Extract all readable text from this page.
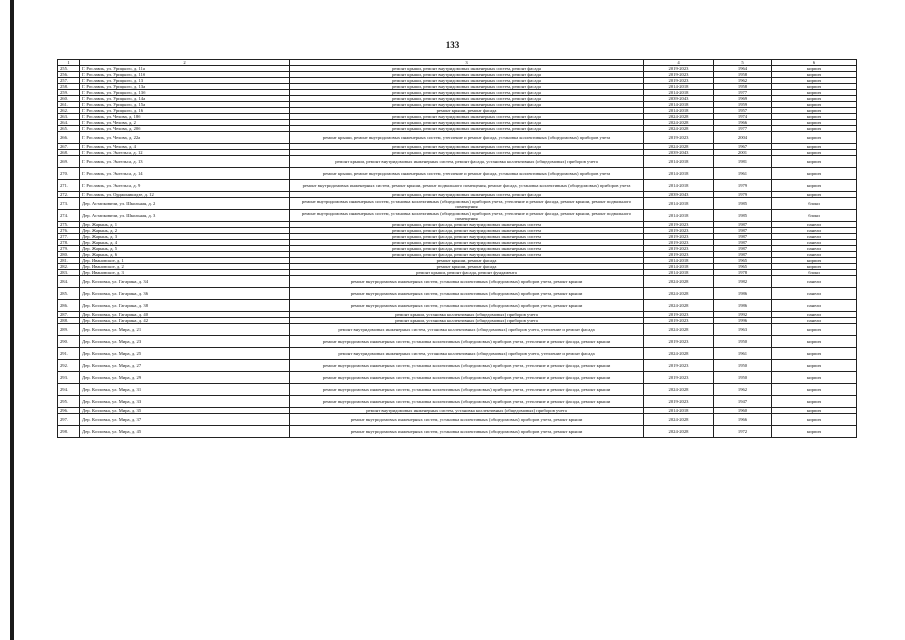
133
1	2	3	4	5	6
255.	Г. Рославль, ул. Урицкого, д. 11а	ремонт крыши, ремонт внутридомовых инженерных систем, ремонт фасада	2019-2023	1964	кирпич
256.	Г. Рославль, ул. Урицкого, д. 11б	ремонт крыши, ремонт внутридомовых инженерных систем, ремонт фасада	2019-2023	1958	кирпич
257.	Г. Рославль, ул. Урицкого, д. 13	ремонт крыши, ремонт внутридомовых инженерных систем, ремонт фасада	2019-2023	1962	кирпич
258.	Г. Рославль, ул. Урицкого, д. 13а	ремонт крыши, ремонт внутридомовых инженерных систем, ремонт фасада	2014-2018	1958	кирпич
259.	Г. Рославль, ул. Урицкого, д. 13б	ремонт крыши, ремонт внутридомовых инженерных систем, ремонт фасада	2014-2018	1977	кирпич
260.	Г. Рославль, ул. Урицкого, д. 14а	ремонт крыши, ремонт внутридомовых инженерных систем, ремонт фасада	2039-2043	1969	кирпич
261.	Г. Рославль, ул. Урицкого, д. 15а	ремонт крыши, ремонт внутридомовых инженерных систем, ремонт фасада	2014-2018	1959	кирпич
262.	Г. Рославль, ул. Урицкого, д. 16	ремонт крыши, ремонт фасада	2014-2018	1957	кирпич
263.	Г. Рославль, ул. Чехова, д. 18б	ремонт крыши, ремонт внутридомовых инженерных систем, ремонт фасада	2024-2028	1974	кирпич
264.	Г. Рославль, ул. Чехова, д. 2	ремонт крыши, ремонт внутридомовых инженерных систем, ремонт фасада	2024-2028	1966	кирпич
265.	Г. Рославль, ул. Чехова, д. 20б	ремонт крыши, ремонт внутридомовых инженерных систем, ремонт фасада	2024-2028	1977	кирпич
266.	Г. Рославль, ул. Чехова, д. 22а	ремонт крыши, ремонт внутридомовых инженерных систем, утепление и ремонт фасада, установка коллективных (общедомовых) приборов учета	2019-2023	2004	кирпич
267.	Г. Рославль, ул. Чехова, д. 4	ремонт крыши, ремонт внутридомовых инженерных систем, ремонт фасада	2024-2028	1967	кирпич
268.	Г. Рославль, ул. Энгельса, д. 12	ремонт крыши, ремонт внутридомовых инженерных систем, ремонт фасада	2039-2043	2001	кирпич
269.	Г. Рославль, ул. Энгельса, д. 13	ремонт крыши, ремонт внутридомовых инженерных систем, ремонт фасада, установка коллективных (общедомовых) приборов учета	2014-2018	1981	кирпич
270.	Г. Рославль, ул. Энгельса, д. 14	ремонт крыши, ремонт внутридомовых инженерных систем, утепление и ремонт фасада, установка коллективных (общедомовых) приборов учета	2014-2018	1961	кирпич
271.	Г. Рославль, ул. Энгельса, д. 9	ремонт внутридомовых инженерных систем, ремонт крыши, ремонт подвального помещения, ремонт фасада, установка коллективных (общедомовых) приборов учета	2014-2018	1979	кирпич
272.	Г. Рославль, ул. Орджоникидзе, д. 12	ремонт крыши, ремонт внутридомовых инженерных систем, ремонт фасада	2039-2043	1979	кирпич
273.	Дер. Астапковичи, ул. Школьная, д. 2	ремонт внутридомовых инженерных систем, установка коллективных (общедомовых) приборов учета, утепление и ремонт фасада, ремонт крыши, ремонт подвального помещения	2014-2018	1985	блоки
274.	Дер. Астапковичи, ул. Школьная, д. 3	ремонт внутридомовых инженерных систем, установка коллективных (общедомовых) приборов учета, утепление и ремонт фасада, ремонт крыши, ремонт подвального помещения	2014-2018	1985	блоки
275.	Дер. Жарынь, д. 1	ремонт крыши, ремонт фасада, ремонт внутридомовых инженерных систем	2019-2023	1987	панели
276.	Дер. Жарынь, д. 2	ремонт крыши, ремонт фасада, ремонт внутридомовых инженерных систем	2019-2023	1987	панели
277.	Дер. Жарынь, д. 3	ремонт крыши, ремонт фасада, ремонт внутридомовых инженерных систем	2019-2023	1987	панели
278.	Дер. Жарынь, д. 4	ремонт крыши, ремонт фасада, ремонт внутридомовых инженерных систем	2019-2023	1987	панели
279.	Дер. Жарынь, д. 5	ремонт крыши, ремонт фасада, ремонт внутридомовых инженерных систем	2019-2023	1987	панели
280.	Дер. Жарынь, д. 6	ремонт крыши, ремонт фасада, ремонт внутридомовых инженерных систем	2019-2023	1987	панели
281.	Дер. Ивановское, д. 1	ремонт крыши, ремонт фасада	2014-2018	1965	кирпич
282.	Дер. Ивановское, д. 2	ремонт крыши, ремонт фасада	2014-2018	1965	кирпич
283.	Дер. Ивановское, д. 3	ремонт крыши, ремонт фасада, ремонт фундамента	2014-2018	1978	блоки
284.	Дер. Козловка, ул. Гагарина, д. 34	ремонт внутридомовых инженерных систем, установка коллективных (общедомовых) приборов учета, ремонт крыши	2024-2028	1982	панели
285.	Дер. Козловка, ул. Гагарина, д. 36	ремонт внутридомовых инженерных систем, установка коллективных (общедомовых) приборов учета, ремонт крыши	2024-2028	1986	панели
286.	Дер. Козловка, ул. Гагарина, д. 38	ремонт внутридомовых инженерных систем, установка коллективных (общедомовых) приборов учета, ремонт крыши	2024-2028	1986	панели
287.	Дер. Козловка, ул. Гагарина, д. 40	ремонт крыши, установка коллективных (общедомовых) приборов учета	2019-2023	1992	панели
288.	Дер. Козловка, ул. Гагарина, д. 42	ремонт крыши, установка коллективных (общедомовых) приборов учета	2019-2023	1996	панели
289.	Дер. Козловка, ул. Мира, д. 21	ремонт внутридомовых инженерных систем, установка коллективных (общедомовых) приборов учета, утепление и ремонт фасада	2024-2028	1963	кирпич
290.	Дер. Козловка, ул. Мира, д. 23	ремонт внутридомовых инженерных систем, установка коллективных (общедомовых) приборов учета, утепление и ремонт фасада, ремонт крыши	2019-2023	1950	кирпич
291.	Дер. Козловка, ул. Мира, д. 25	ремонт внутридомовых инженерных систем, установка коллективных (общедомовых) приборов учета, утепление и ремонт фасада	2024-2028	1961	кирпич
292.	Дер. Козловка, ул. Мира, д. 27	ремонт внутридомовых инженерных систем, установка коллективных (общедомовых) приборов учета, утепление и ремонт фасада, ремонт крыши	2019-2023	1950	кирпич
293.	Дер. Козловка, ул. Мира, д. 29	ремонт внутридомовых инженерных систем, установка коллективных (общедомовых) приборов учета, утепление и ремонт фасада, ремонт крыши	2019-2023	1950	кирпич
294.	Дер. Козловка, ул. Мира, д. 31	ремонт внутридомовых инженерных систем, установка коллективных (общедомовых) приборов учета, утепление и ремонт фасада, ремонт крыши	2024-2028	1962	кирпич
295.	Дер. Козловка, ул. Мира, д. 33	ремонт внутридомовых инженерных систем, установка коллективных (общедомовых) приборов учета, утепление и ремонт фасада, ремонт крыши	2019-2023	1947	кирпич
296.	Дер. Козловка, ул. Мира, д. 35	ремонт внутридомовых инженерных систем, установка коллективных (общедомовых) приборов учета	2014-2018	1960	кирпич
297.	Дер. Козловка, ул. Мира, д. 37	ремонт внутридомовых инженерных систем, установка коллективных (общедомовых) приборов учета, ремонт крыши	2024-2028	1966	кирпич
298.	Дер. Козловка, ул. Мира, д. 45	ремонт внутридомовых инженерных систем, установка коллективных (общедомовых) приборов учета, ремонт крыши	2024-2028	1972	кирпич
